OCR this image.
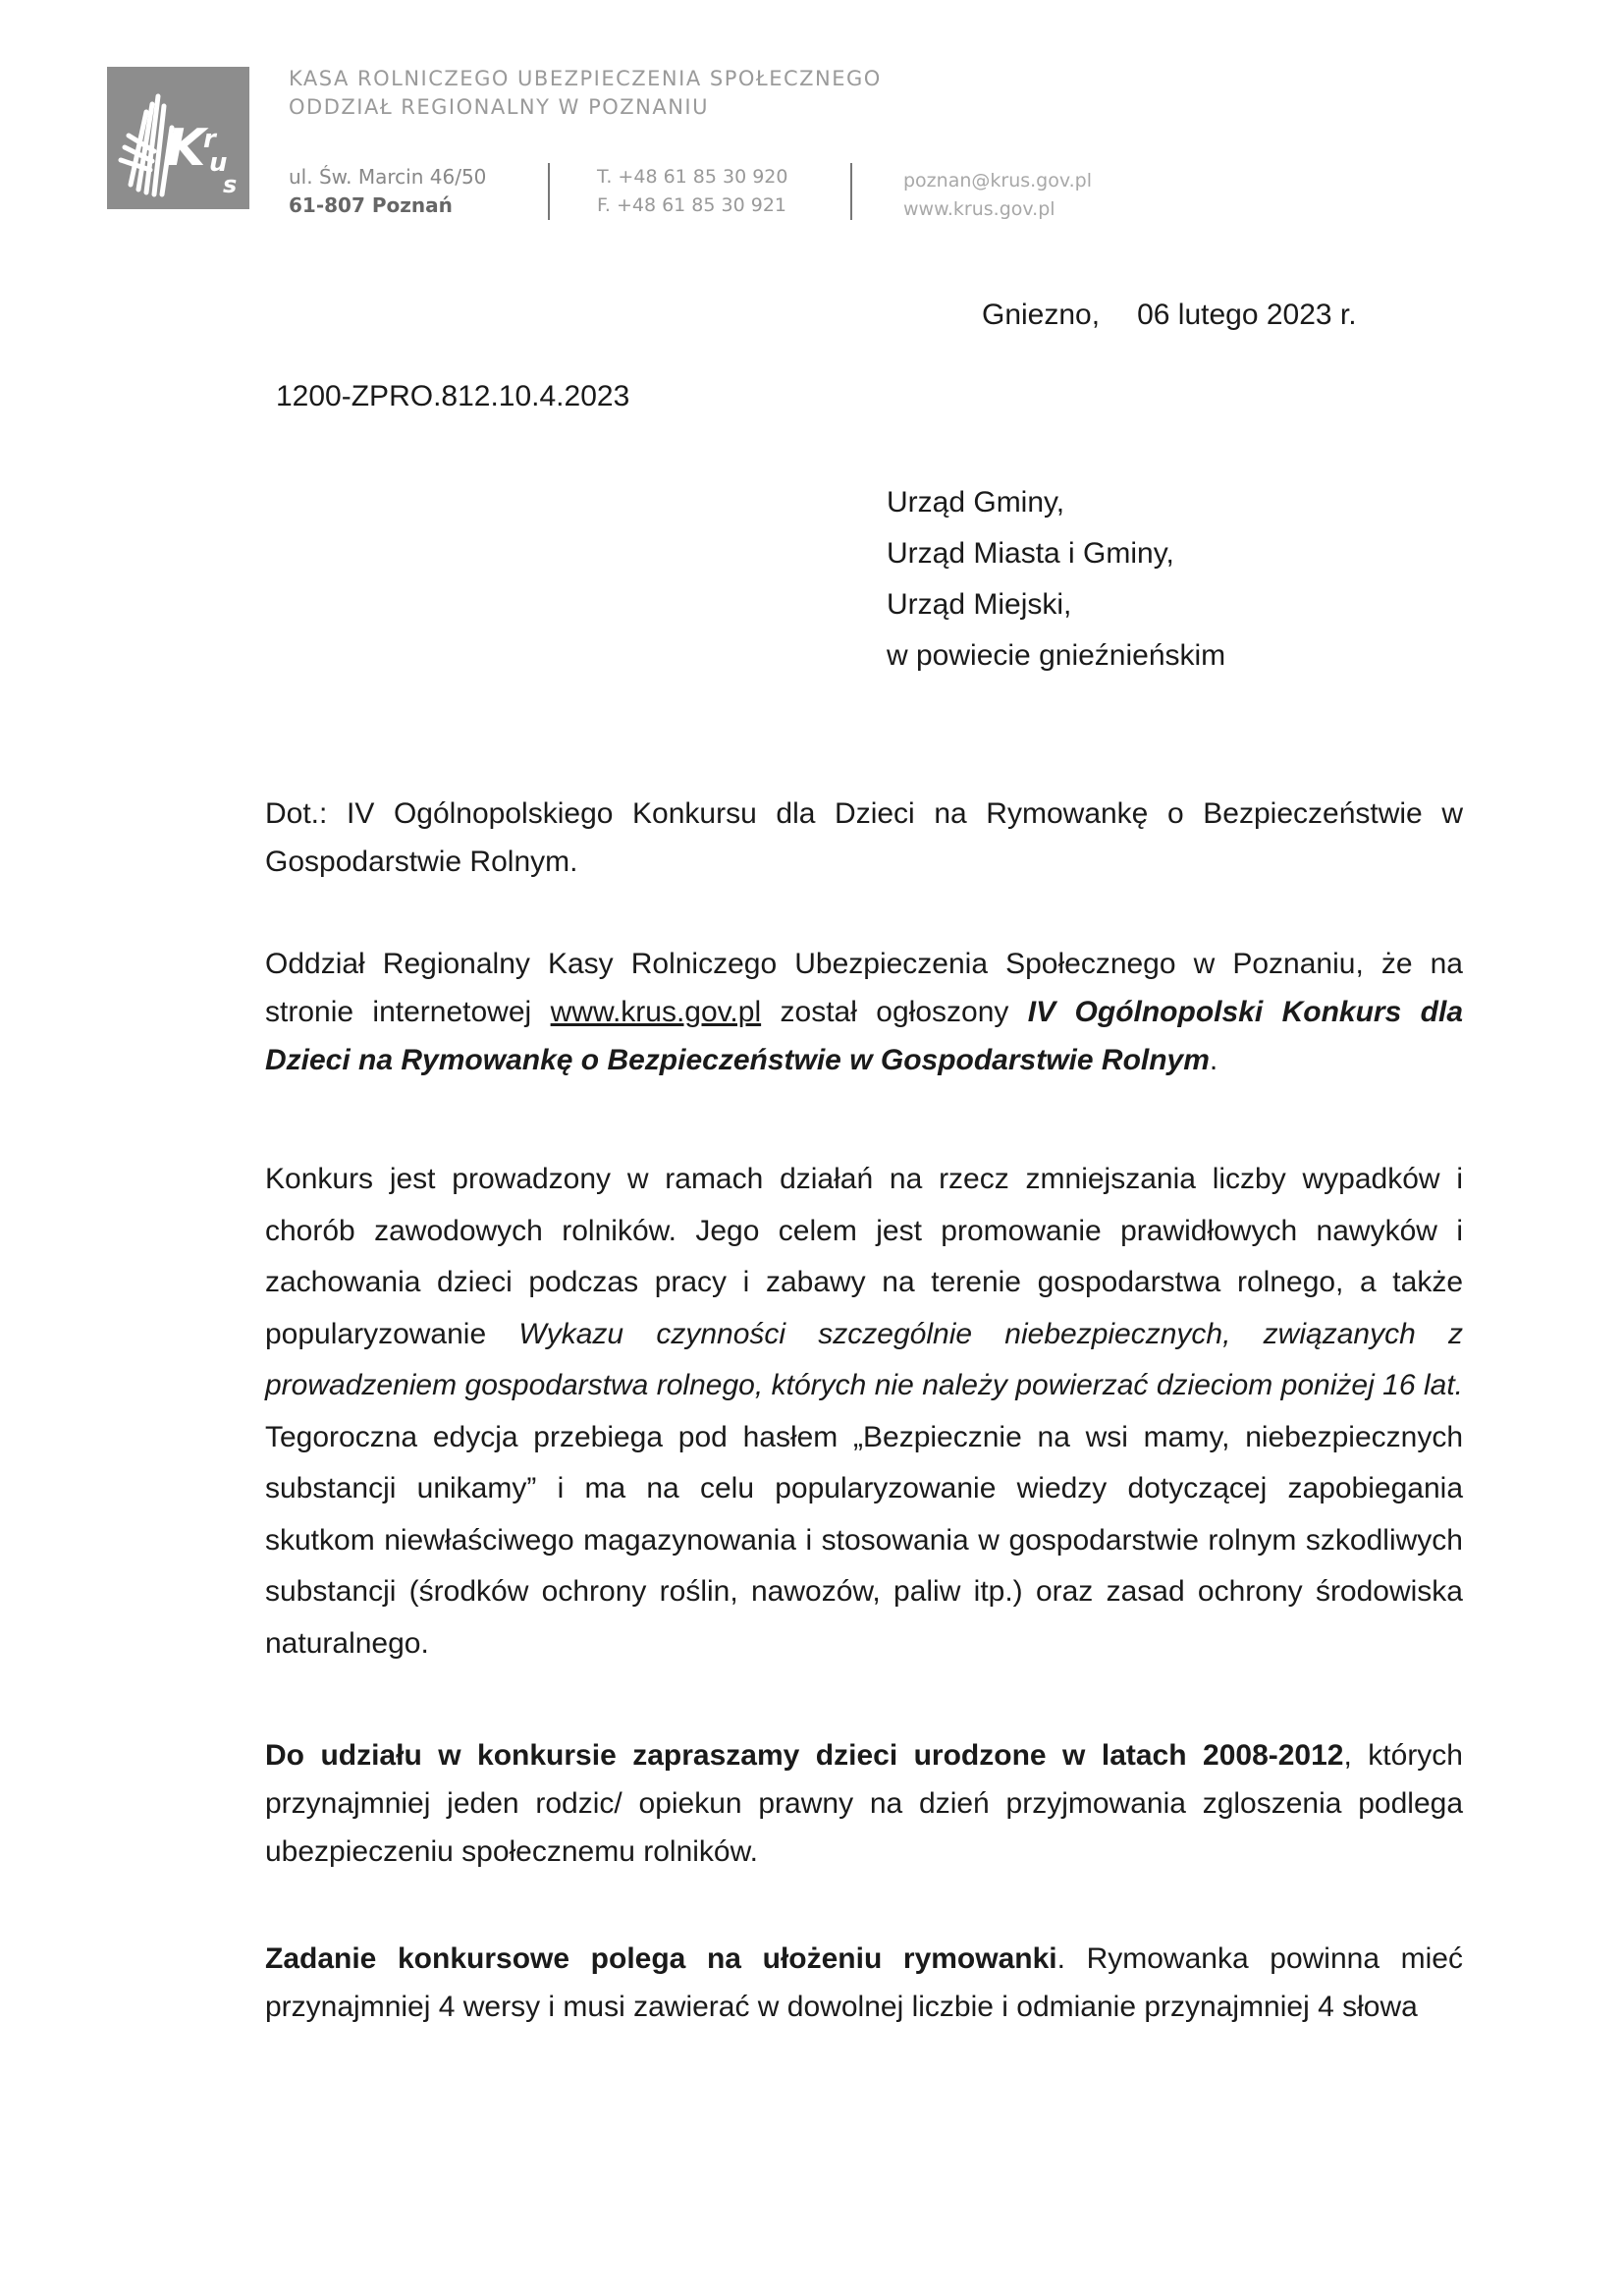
K
r
u
s
KASA ROLNICZEGO UBEZPIECZENIA SPOŁECZNEGO
ODDZIAŁ REGIONALNY W POZNANIU
ul. Św. Marcin 46/50
61-807 Poznań
T. +48 61 85 30 920
F. +48 61 85 30 921
poznan@krus.gov.pl
www.krus.gov.pl
Gniezno, 06 lutego 2023 r.
1200-ZPRO.812.10.4.2023
Urząd Gminy,
Urząd Miasta i Gminy,
Urząd Miejski,
w powiecie gnieźnieńskim

Dot.: IV Ogólnopolskiego Konkursu dla Dzieci na Rymowankę o Bezpieczeństwie w Gospodarstwie Rolnym.

Oddział Regionalny Kasy Rolniczego Ubezpieczenia Społecznego w Poznaniu, że na stronie internetowej www.krus.gov.pl został ogłoszony IV Ogólnopolski Konkurs dla Dzieci na Rymowankę o Bezpieczeństwie w Gospodarstwie Rolnym.

Konkurs jest prowadzony w ramach działań na rzecz zmniejszania liczby wypadków i chorób zawodowych rolników. Jego celem jest promowanie prawidłowych nawyków i zachowania dzieci podczas pracy i zabawy na terenie gospodarstwa rolnego, a także popularyzowanie Wykazu czynności szczególnie niebezpiecznych, związanych z prowadzeniem gospodarstwa rolnego, których nie należy powierzać dzieciom poniżej 16 lat. Tegoroczna edycja przebiega pod hasłem „Bezpiecznie na wsi mamy, niebezpiecznych substancji unikamy” i ma na celu popularyzowanie wiedzy dotyczącej zapobiegania skutkom niewłaściwego magazynowania i stosowania w gospodarstwie rolnym szkodliwych substancji (środków ochrony roślin, nawozów, paliw itp.) oraz zasad ochrony środowiska naturalnego.

Do udziału w konkursie zapraszamy dzieci urodzone w latach 2008-2012, których przynajmniej jeden rodzic/ opiekun prawny na dzień przyjmowania zgloszenia podlega ubezpieczeniu społecznemu rolników.

Zadanie konkursowe polega na ułożeniu rymowanki. Rymowanka powinna mieć przynajmniej 4 wersy i musi zawierać w dowolnej liczbie i odmianie przynajmniej 4 słowa
